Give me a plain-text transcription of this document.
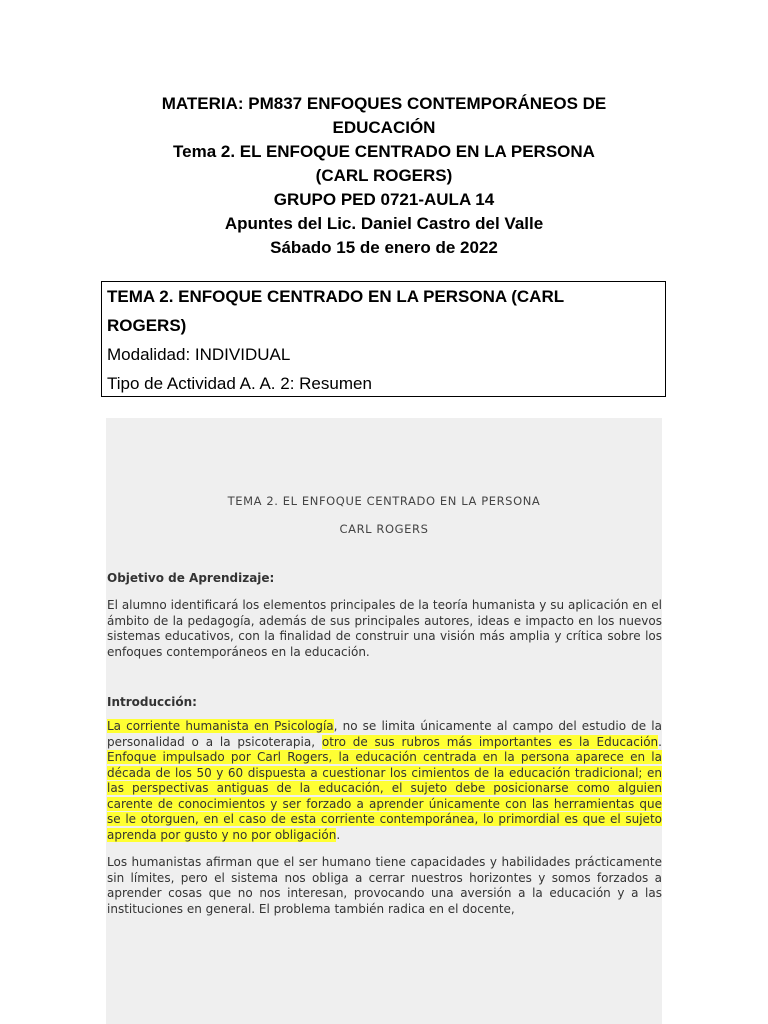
MATERIA: PM837 ENFOQUES CONTEMPORÁNEOS DE
EDUCACIÓN
Tema 2. EL ENFOQUE CENTRADO EN LA PERSONA
(CARL ROGERS)
GRUPO PED 0721-AULA 14
Apuntes del Lic. Daniel Castro del Valle
Sábado 15 de enero de 2022
TEMA 2. ENFOQUE CENTRADO EN LA PERSONA (CARL
ROGERS)
Modalidad: INDIVIDUAL
Tipo de Actividad A. A. 2: Resumen
TEMA 2. EL ENFOQUE CENTRADO EN LA PERSONA
CARL ROGERS
Objetivo de Aprendizaje:

El alumno identificará los elementos principales de la teoría humanista y su aplicación en el ámbito de la pedagogía, además de sus principales autores, ideas e impacto en los nuevos sistemas educativos, con la finalidad de construir una visión más amplia y crítica sobre los enfoques contemporáneos en la educación.

Introducción:

La corriente humanista en Psicología, no se limita únicamente al campo del estudio de la personalidad o a la psicoterapia, otro de sus rubros más importantes es la Educación. Enfoque impulsado por Carl Rogers, la educación centrada en la persona aparece en la década de los 50 y 60 dispuesta a cuestionar los cimientos de la educación tradicional; en las perspectivas antiguas de la educación, el sujeto debe posicionarse como alguien carente de conocimientos y ser forzado a aprender únicamente con las herramientas que se le otorguen, en el caso de esta corriente contemporánea, lo primordial es que el sujeto aprenda por gusto y no por obligación.

Los humanistas afirman que el ser humano tiene capacidades y habilidades prácticamente sin límites, pero el sistema nos obliga a cerrar nuestros horizontes y somos forzados a aprender cosas que no nos interesan, provocando una aversión a la educación y a las instituciones en general. El problema también radica en el docente,
